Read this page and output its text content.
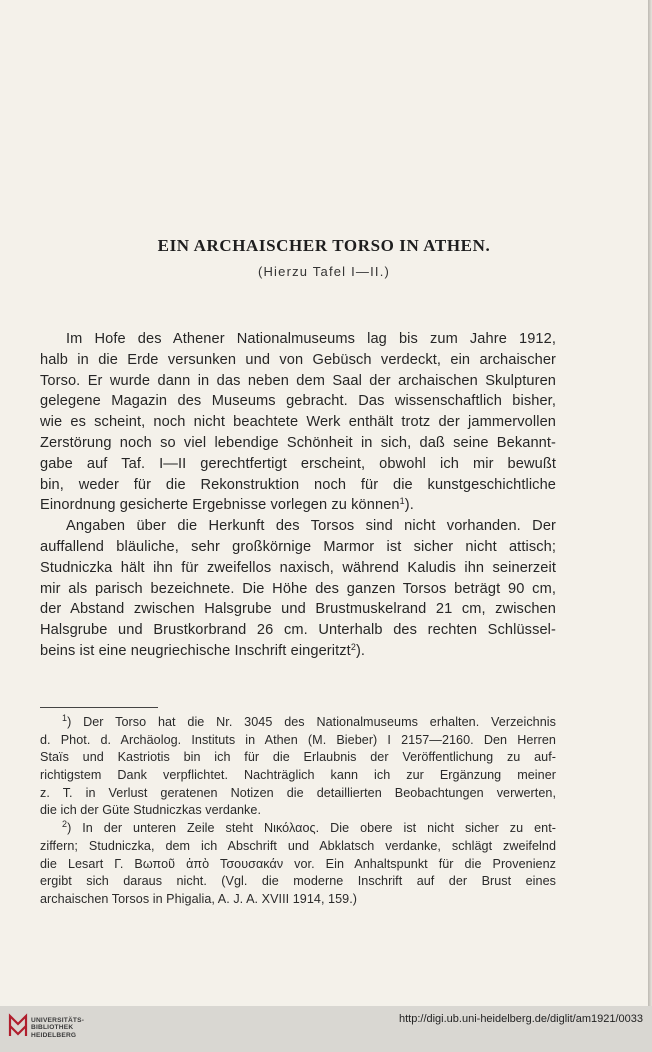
EIN ARCHAISCHER TORSO IN ATHEN.
(Hierzu Tafel I—II.)

Im Hofe des Athener Nationalmuseums lag bis zum Jahre 1912,

halb in die Erde versunken und von Gebüsch verdeckt, ein archaischer

Torso. Er wurde dann in das neben dem Saal der archaischen Skulpturen

gelegene Magazin des Museums gebracht. Das wissenschaftlich bisher,

wie es scheint, noch nicht beachtete Werk enthält trotz der jammervollen

Zerstörung noch so viel lebendige Schönheit in sich, daß seine Bekannt-

gabe auf Taf. I—II gerechtfertigt erscheint, obwohl ich mir bewußt

bin, weder für die Rekonstruktion noch für die kunstgeschichtliche

Einordnung gesicherte Ergebnisse vorlegen zu können$^1$).

Angaben über die Herkunft des Torsos sind nicht vorhanden. Der

auffallend bläuliche, sehr großkörnige Marmor ist sicher nicht attisch;

Studniczka hält ihn für zweifellos naxisch, während Kaludis ihn seinerzeit

mir als parisch bezeichnete. Die Höhe des ganzen Torsos beträgt 90 cm,

der Abstand zwischen Halsgrube und Brustmuskelrand 21 cm, zwischen

Halsgrube und Brustkorbrand 26 cm. Unterhalb des rechten Schlüssel-

beins ist eine neugriechische Inschrift eingeritzt$^2$).

$^1$) Der Torso hat die Nr. 3045 des Nationalmuseums erhalten. Verzeichnis

d. Phot. d. Archäolog. Instituts in Athen (M. Bieber) I 2157—2160. Den Herren

Staïs und Kastriotis bin ich für die Erlaubnis der Veröffentlichung zu auf-

richtigstem Dank verpflichtet. Nachträglich kann ich zur Ergänzung meiner

z. T. in Verlust geratenen Notizen die detaillierten Beobachtungen verwerten,

die ich der Güte Studniczkas verdanke.

$^2$) In der unteren Zeile steht Νικόλαος. Die obere ist nicht sicher zu ent-

ziffern; Studniczka, dem ich Abschrift und Abklatsch verdanke, schlägt zweifelnd

die Lesart Γ. Βωποῦ ἀπὸ Τσουσακάν vor. Ein Anhaltspunkt für die Provenienz

ergibt sich daraus nicht. (Vgl. die moderne Inschrift auf der Brust eines

archaischen Torsos in Phigalia, A. J. A. XVIII 1914, 159.)

UNIVERSITÄTS-
BIBLIOTHEK
HEIDELBERG
http://digi.ub.uni-heidelberg.de/diglit/am1921/0033
